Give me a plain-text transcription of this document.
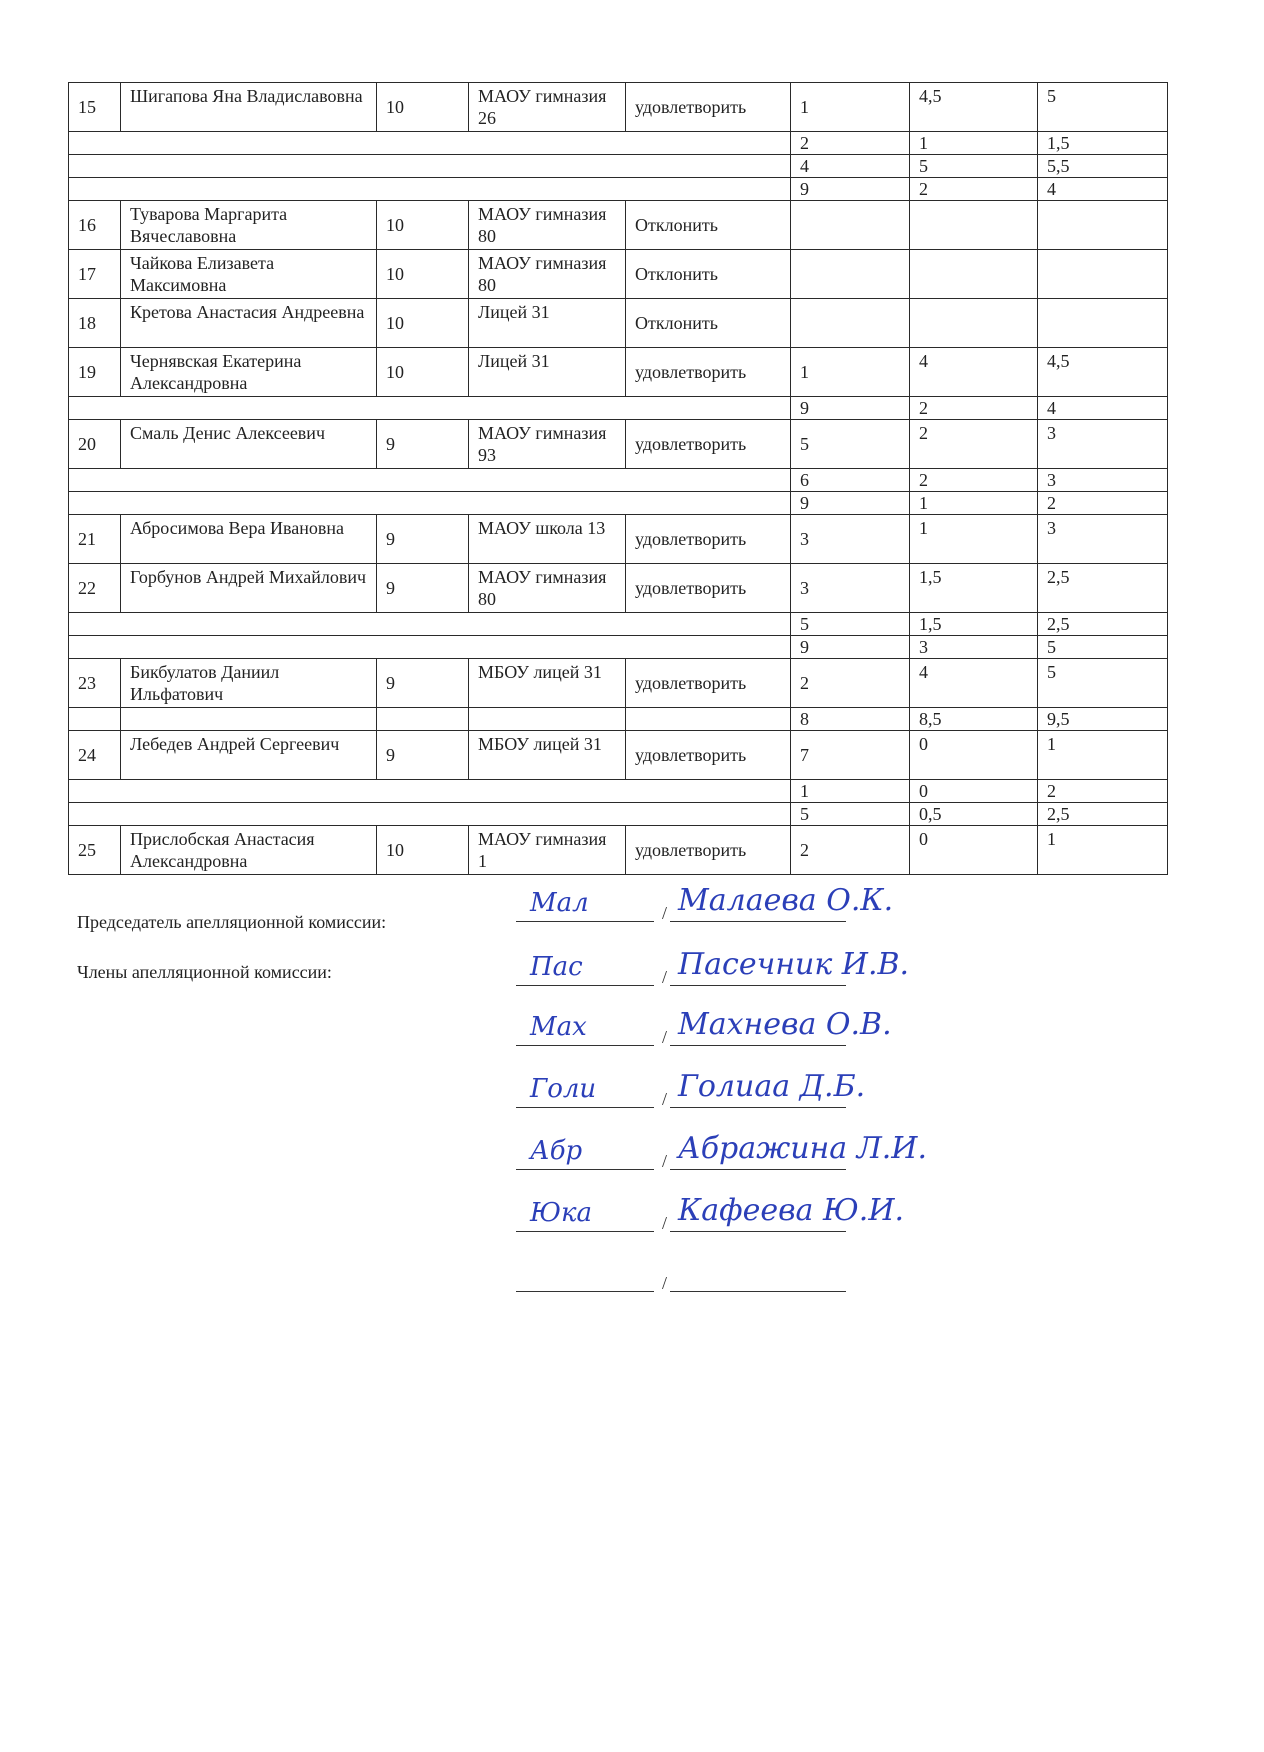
15	Шигапова Яна Владиславовна	10	МАОУ гимназия 26	удовлетворить	1	4,5	5
					2	1	1,5
					4	5	5,5
					9	2	4
16	Туварова Маргарита Вячеславовна	10	МАОУ гимназия 80	Отклонить			
17	Чайкова Елизавета Максимовна	10	МАОУ гимназия 80	Отклонить			
18	Кретова Анастасия Андреевна	10	Лицей 31	Отклонить			
19	Чернявская Екатерина Александровна	10	Лицей 31	удовлетворить	1	4	4,5
					9	2	4
20	Смаль Денис Алексеевич	9	МАОУ гимназия 93	удовлетворить	5	2	3
					6	2	3
					9	1	2
21	Абросимова Вера Ивановна	9	МАОУ школа 13	удовлетворить	3	1	3
22	Горбунов Андрей Михайлович	9	МАОУ гимназия 80	удовлетворить	3	1,5	2,5
					5	1,5	2,5
					9	3	5
23	Бикбулатов Даниил Ильфатович	9	МБОУ лицей 31	удовлетворить	2	4	5
					8	8,5	9,5
24	Лебедев Андрей Сергеевич	9	МБОУ лицей 31	удовлетворить	7	0	1
					1	0	2
					5	0,5	2,5
25	Прислобская Анастасия Александровна	10	МАОУ гимназия 1	удовлетворить	2	0	1
Председатель апелляционной комиссии:
Члены апелляционной комиссии:
/
Мал	Малаева О.К.
/
Пас	Пасечник И.В.
/
Мах	Махнева О.В.
/
Голи	Голиаа Д.Б.
/
Абр	Абражина Л.И.
/
Юка	Кафеева Ю.И.
/
